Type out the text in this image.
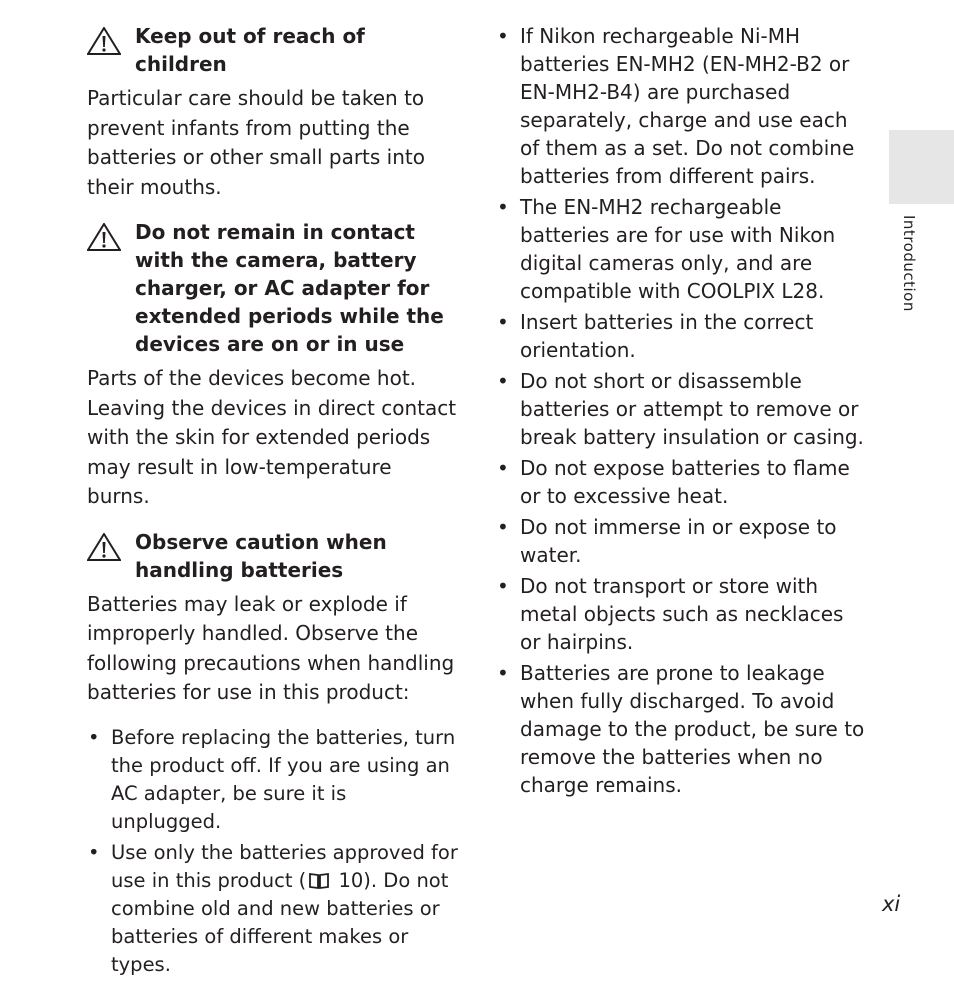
Keep out of reach of children

Particular care should be taken to prevent infants from putting the batteries or other small parts into their mouths.

Do not remain in contact with the camera, battery charger, or AC adapter for extended periods while the devices are on or in use

Parts of the devices become hot. Leaving the devices in direct contact with the skin for extended periods may result in low-temperature burns.

Observe caution when handling batteries

Batteries may leak or explode if improperly handled. Observe the following precautions when handling batteries for use in this product:

• Before replacing the batteries, turn the product off. If you are using an AC adapter, be sure it is unplugged.
• Use only the batteries approved for use in this product ( 10). Do not combine old and new batteries or batteries of different makes or types.
• If Nikon rechargeable Ni-MH batteries EN-MH2 (EN-MH2-B2 or EN-MH2-B4) are purchased separately, charge and use each of them as a set. Do not combine batteries from different pairs.
• The EN-MH2 rechargeable batteries are for use with Nikon digital cameras only, and are compatible with COOLPIX L28.
• Insert batteries in the correct orientation.
• Do not short or disassemble batteries or attempt to remove or break battery insulation or casing.
• Do not expose batteries to flame or to excessive heat.
• Do not immerse in or expose to water.
• Do not transport or store with metal objects such as necklaces or hairpins.
• Batteries are prone to leakage when fully discharged. To avoid damage to the product, be sure to remove the batteries when no charge remains.
Introduction
xi
